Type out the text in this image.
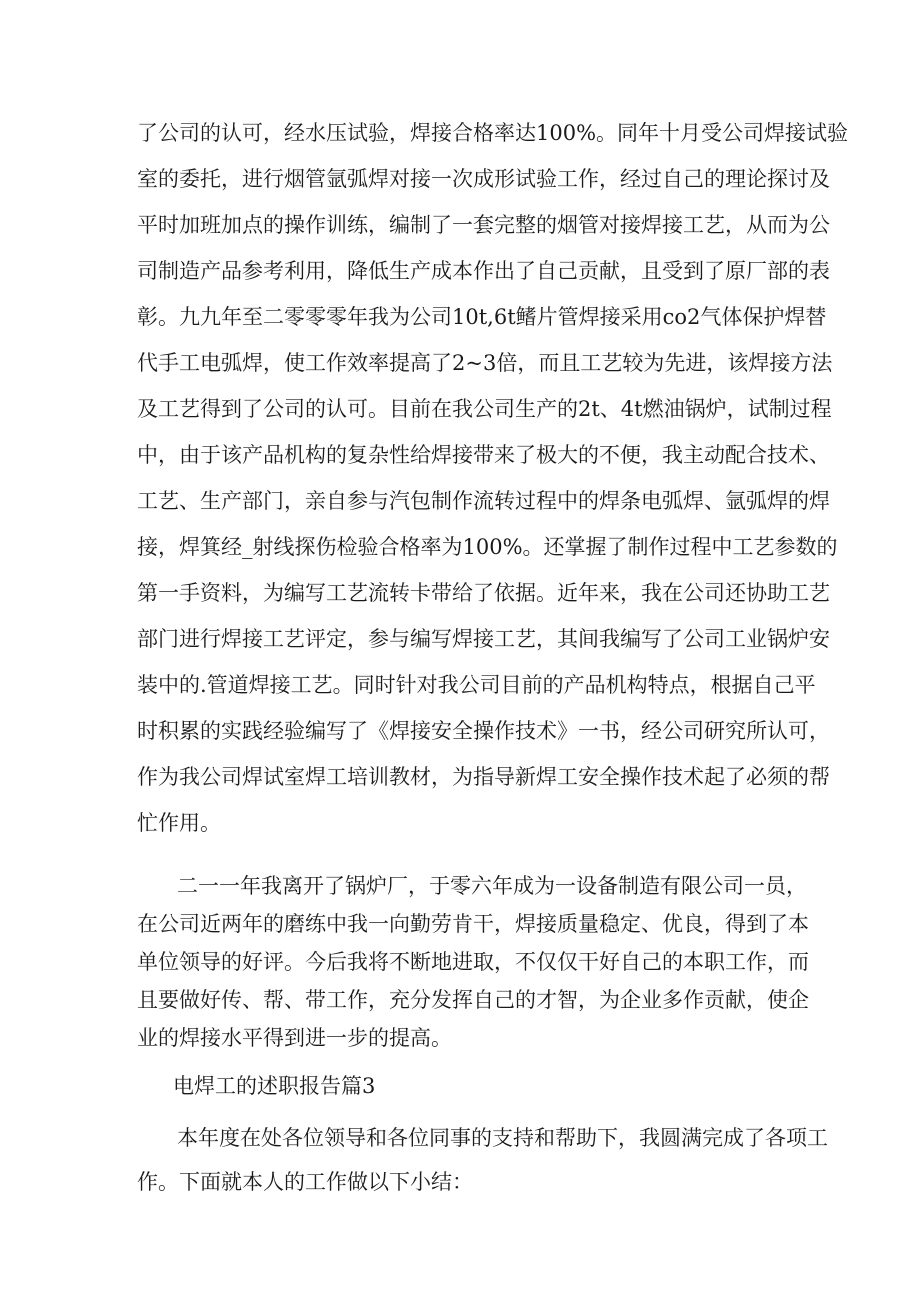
了公司的认可，经水压试验，焊接合格率达100%。同年十月受公司焊接试验
室的委托，进行烟管氩弧焊对接一次成形试验工作，经过自己的理论探讨及
平时加班加点的操作训练，编制了一套完整的烟管对接焊接工艺，从而为公
司制造产品参考利用，降低生产成本作出了自己贡献，且受到了原厂部的表
彰。九九年至二零零零年我为公司10t,6t鳍片管焊接采用co2气体保护焊替
代手工电弧焊，使工作效率提高了2~3倍，而且工艺较为先进，该焊接方法
及工艺得到了公司的认可。目前在我公司生产的2t、4t燃油锅炉，试制过程
中，由于该产品机构的复杂性给焊接带来了极大的不便，我主动配合技术、
工艺、生产部门，亲自参与汽包制作流转过程中的焊条电弧焊、氩弧焊的焊
接，焊箕经_射线探伤检验合格率为100%。还掌握了制作过程中工艺参数的
第一手资料，为编写工艺流转卡带给了依据。近年来，我在公司还协助工艺
部门进行焊接工艺评定，参与编写焊接工艺，其间我编写了公司工业锅炉安
装中的.管道焊接工艺。同时针对我公司目前的产品机构特点，根据自己平
时积累的实践经验编写了《焊接安全操作技术》一书，经公司研究所认可，
作为我公司焊试室焊工培训教材，为指导新焊工安全操作技术起了必须的帮
忙作用。
二一一年我离开了锅炉厂，于零六年成为一设备制造有限公司一员，
在公司近两年的磨练中我一向勤劳肯干，焊接质量稳定、优良，得到了本
单位领导的好评。今后我将不断地进取，不仅仅干好自己的本职工作，而
且要做好传、帮、带工作，充分发挥自己的才智，为企业多作贡献，使企
业的焊接水平得到进一步的提高。
电焊工的述职报告篇3
本年度在处各位领导和各位同事的支持和帮助下，我圆满完成了各项工
作。下面就本人的工作做以下小结：
